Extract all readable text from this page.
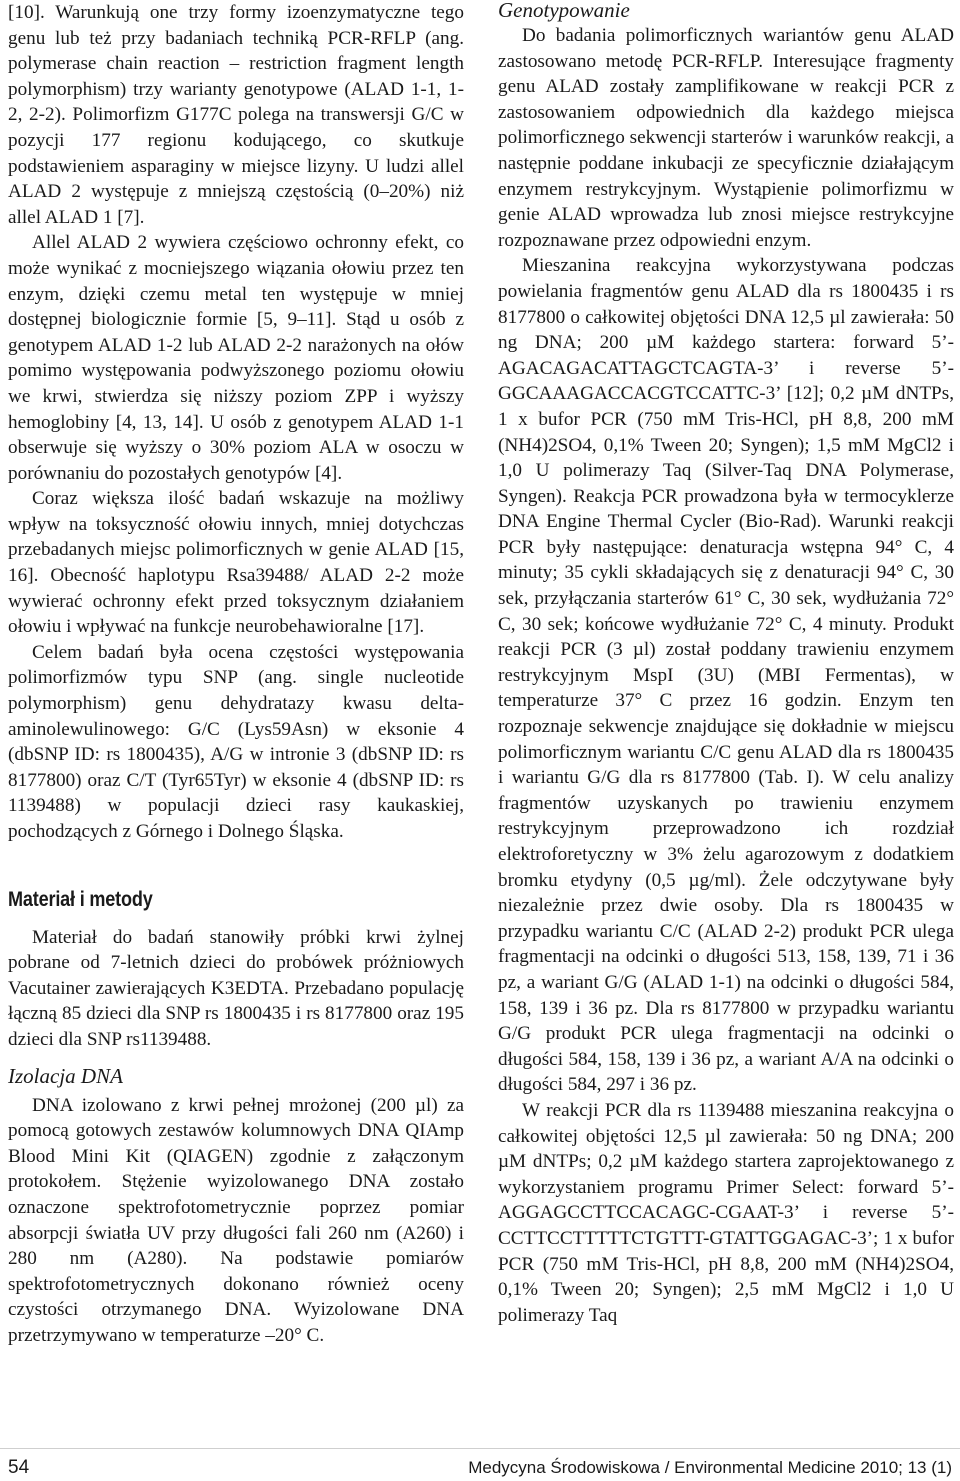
[10]. Warunkują one trzy formy izoenzymatyczne tego genu lub też przy badaniach techniką PCR-RFLP (ang. polymerase chain reaction – restriction fragment length polymorphism) trzy warianty genotypowe (ALAD 1-1, 1-2, 2-2). Polimorfizm G177C polega na transwersji G/C w pozycji 177 regionu kodującego, co skutkuje podstawieniem asparaginy w miejsce lizyny. U ludzi allel ALAD 2 występuje z mniejszą częstością (0–20%) niż allel ALAD 1 [7].

Allel ALAD 2 wywiera częściowo ochronny efekt, co może wynikać z mocniejszego wiązania ołowiu przez ten enzym, dzięki czemu metal ten występuje w mniej dostępnej biologicznie formie [5, 9–11]. Stąd u osób z genotypem ALAD 1-2 lub ALAD 2-2 narażonych na ołów pomimo występowania podwyższonego poziomu ołowiu we krwi, stwierdza się niższy poziom ZPP i wyższy hemoglobiny [4, 13, 14]. U osób z genotypem ALAD 1-1 obserwuje się wyższy o 30% poziom ALA w osoczu w porównaniu do pozostałych genotypów [4].

Coraz większa ilość badań wskazuje na możliwy wpływ na toksyczność ołowiu innych, mniej dotychczas przebadanych miejsc polimorficznych w genie ALAD [15, 16]. Obecność haplotypu Rsa39488/ ALAD 2-2 może wywierać ochronny efekt przed toksycznym działaniem ołowiu i wpływać na funkcje neurobehawioralne [17].

Celem badań była ocena częstości występowania polimorfizmów typu SNP (ang. single nucleotide polymorphism) genu dehydratazy kwasu delta-aminolewulinowego: G/C (Lys59Asn) w eksonie 4 (dbSNP ID: rs 1800435), A/G w intronie 3 (dbSNP ID: rs 8177800) oraz C/T (Tyr65Tyr) w eksonie 4 (dbSNP ID: rs 1139488) w populacji dzieci rasy kaukaskiej, pochodzących z Górnego i Dolnego Śląska.

Materiał i metody

Materiał do badań stanowiły próbki krwi żylnej pobrane od 7-letnich dzieci do probówek próżniowych Vacutainer zawierających K3EDTA. Przebadano populację łączną 85 dzieci dla SNP rs 1800435 i rs 8177800 oraz 195 dzieci dla SNP rs1139488.

Izolacja DNA

DNA izolowano z krwi pełnej mrożonej (200 µl) za pomocą gotowych zestawów kolumnowych DNA QIAmp Blood Mini Kit (QIAGEN) zgodnie z załączonym protokołem. Stężenie wyizolowanego DNA zostało oznaczone spektrofotometrycznie poprzez pomiar absorpcji światła UV przy długości fali 260 nm (A260) i 280 nm (A280). Na podstawie pomiarów spektrofotometrycznych dokonano również oceny czystości otrzymanego DNA. Wyizolowane DNA przetrzymywano w temperaturze –20° C.

Genotypowanie

Do badania polimorficznych wariantów genu ALAD zastosowano metodę PCR-RFLP. Interesujące fragmenty genu ALAD zostały zamplifikowane w reakcji PCR z zastosowaniem odpowiednich dla każdego miejsca polimorficznego sekwencji starterów i warunków reakcji, a następnie poddane inkubacji ze specyficznie działającym enzymem restrykcyjnym. Wystąpienie polimorfizmu w genie ALAD wprowadza lub znosi miejsce restrykcyjne rozpoznawane przez odpowiedni enzym.

Mieszanina reakcyjna wykorzystywana podczas powielania fragmentów genu ALAD dla rs 1800435 i rs 8177800 o całkowitej objętości DNA 12,5 µl zawierała: 50 ng DNA; 200 µM każdego startera: forward 5’-AGACAGACATTAGCTCAGTA-3’ i reverse 5’-GGCAAAGACCACGTCCATTC-3’ [12]; 0,2 µM dNTPs, 1 x bufor PCR (750 mM Tris-HCl, pH 8,8, 200 mM (NH4)2SO4, 0,1% Tween 20; Syngen); 1,5 mM MgCl2 i 1,0 U polimerazy Taq (Silver-Taq DNA Polymerase, Syngen). Reakcja PCR prowadzona była w termocyklerze DNA Engine Thermal Cycler (Bio-Rad). Warunki reakcji PCR były następujące: denaturacja wstępna 94° C, 4 minuty; 35 cykli składających się z denaturacji 94° C, 30 sek, przyłączania starterów 61° C, 30 sek, wydłużania 72° C, 30 sek; końcowe wydłużanie 72° C, 4 minuty. Produkt reakcji PCR (3 µl) został poddany trawieniu enzymem restrykcyjnym MspI (3U) (MBI Fermentas), w temperaturze 37° C przez 16 godzin. Enzym ten rozpoznaje sekwencje znajdujące się dokładnie w miejscu polimorficznym wariantu C/C genu ALAD dla rs 1800435 i wariantu G/G dla rs 8177800 (Tab. I). W celu analizy fragmentów uzyskanych po trawieniu enzymem restrykcyjnym przeprowadzono ich rozdział elektroforetyczny w 3% żelu agarozowym z dodatkiem bromku etydyny (0,5 µg/ml). Żele odczytywane były niezależnie przez dwie osoby. Dla rs 1800435 w przypadku wariantu C/C (ALAD 2-2) produkt PCR ulega fragmentacji na odcinki o długości 513, 158, 139, 71 i 36 pz, a wariant G/G (ALAD 1-1) na odcinki o długości 584, 158, 139 i 36 pz. Dla rs 8177800 w przypadku wariantu G/G produkt PCR ulega fragmentacji na odcinki o długości 584, 158, 139 i 36 pz, a wariant A/A na odcinki o długości 584, 297 i 36 pz.

W reakcji PCR dla rs 1139488 mieszanina reakcyjna o całkowitej objętości 12,5 µl zawierała: 50 ng DNA; 200 µM dNTPs; 0,2 µM każdego startera zaprojektowanego z wykorzystaniem programu Primer Select: forward 5’-AGGAGCCTTCCACAGC-CGAAT-3’ i reverse 5’-CCTTCCTTTTTCTGTTT-GTATTGGAGAC-3’; 1 x bufor PCR (750 mM Tris-HCl, pH 8,8, 200 mM (NH4)2SO4, 0,1% Tween 20; Syngen); 2,5 mM MgCl2 i 1,0 U polimerazy Taq

54	Medycyna Środowiskowa / Environmental Medicine 2010; 13 (1)
